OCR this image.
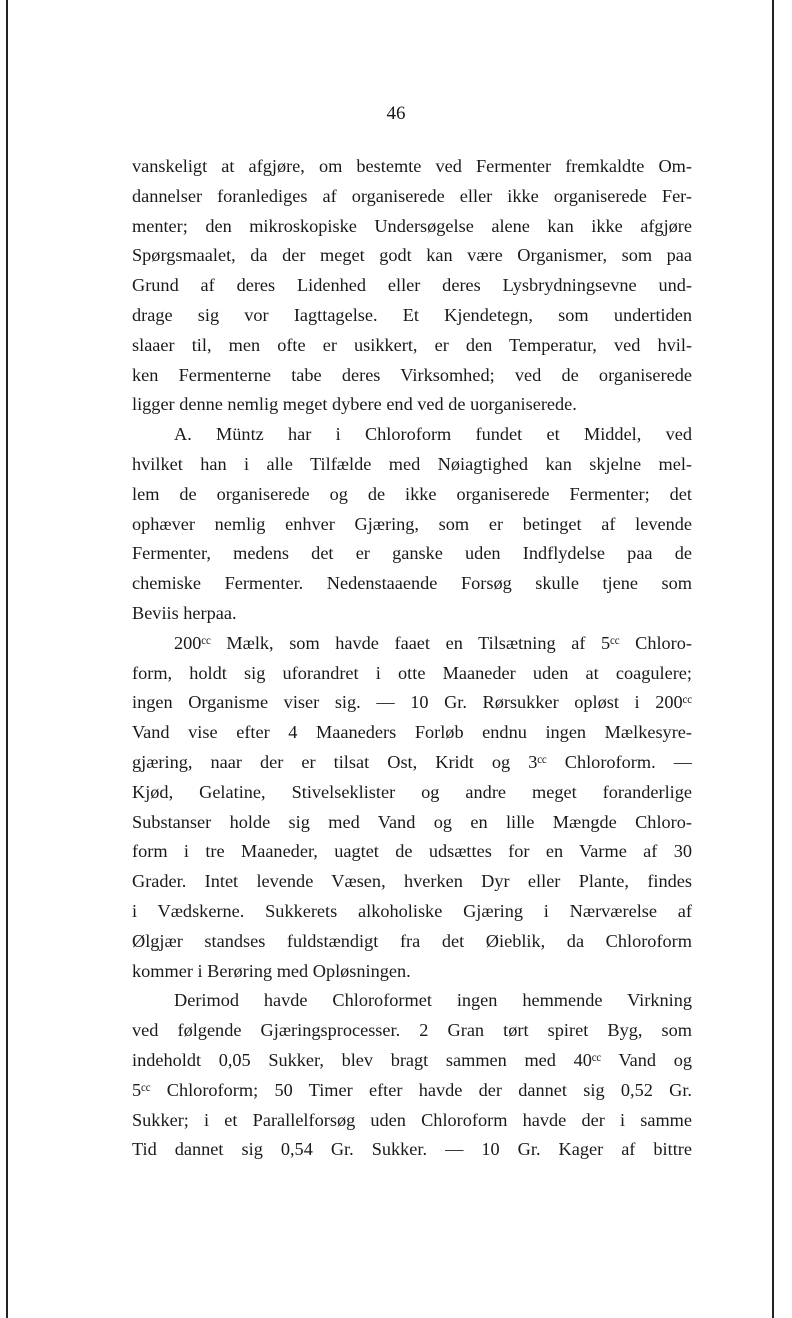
46

vanskeligt at afgjøre, om bestemte ved Fermenter fremkaldte Om-
dannelser foranlediges af organiserede eller ikke organiserede Fer-
menter; den mikroskopiske Undersøgelse alene kan ikke afgjøre
Spørgsmaalet, da der meget godt kan være Organismer, som paa
Grund af deres Lidenhed eller deres Lysbrydningsevne und-
drage sig vor Iagttagelse. Et Kjendetegn, som undertiden
slaaer til, men ofte er usikkert, er den Temperatur, ved hvil-
ken Fermenterne tabe deres Virksomhed; ved de organiserede
ligger denne nemlig meget dybere end ved de uorganiserede.

A. Müntz har i Chloroform fundet et Middel, ved
hvilket han i alle Tilfælde med Nøiagtighed kan skjelne mel-
lem de organiserede og de ikke organiserede Fermenter; det
ophæver nemlig enhver Gjæring, som er betinget af levende
Fermenter, medens det er ganske uden Indflydelse paa de
chemiske Fermenter. Nedenstaaende Forsøg skulle tjene som
Beviis herpaa.

200ᶜᶜ Mælk, som havde faaet en Tilsætning af 5ᶜᶜ Chloro-
form, holdt sig uforandret i otte Maaneder uden at coagulere;
ingen Organisme viser sig. — 10 Gr. Rørsukker opløst i 200ᶜᶜ
Vand vise efter 4 Maaneders Forløb endnu ingen Mælkesyre-
gjæring, naar der er tilsat Ost, Kridt og 3ᶜᶜ Chloroform. —
Kjød, Gelatine, Stivelseklister og andre meget foranderlige
Substanser holde sig med Vand og en lille Mængde Chloro-
form i tre Maaneder, uagtet de udsættes for en Varme af 30
Grader. Intet levende Væsen, hverken Dyr eller Plante, findes
i Vædskerne. Sukkerets alkoholiske Gjæring i Nærværelse af
Ølgjær standses fuldstændigt fra det Øieblik, da Chloroform
kommer i Berøring med Opløsningen.

Derimod havde Chloroformet ingen hemmende Virkning
ved følgende Gjæringsprocesser. 2 Gran tørt spiret Byg, som
indeholdt 0,05 Sukker, blev bragt sammen med 40ᶜᶜ Vand og
5ᶜᶜ Chloroform; 50 Timer efter havde der dannet sig 0,52 Gr.
Sukker; i et Parallelforsøg uden Chloroform havde der i samme
Tid dannet sig 0,54 Gr. Sukker. — 10 Gr. Kager af bittre
